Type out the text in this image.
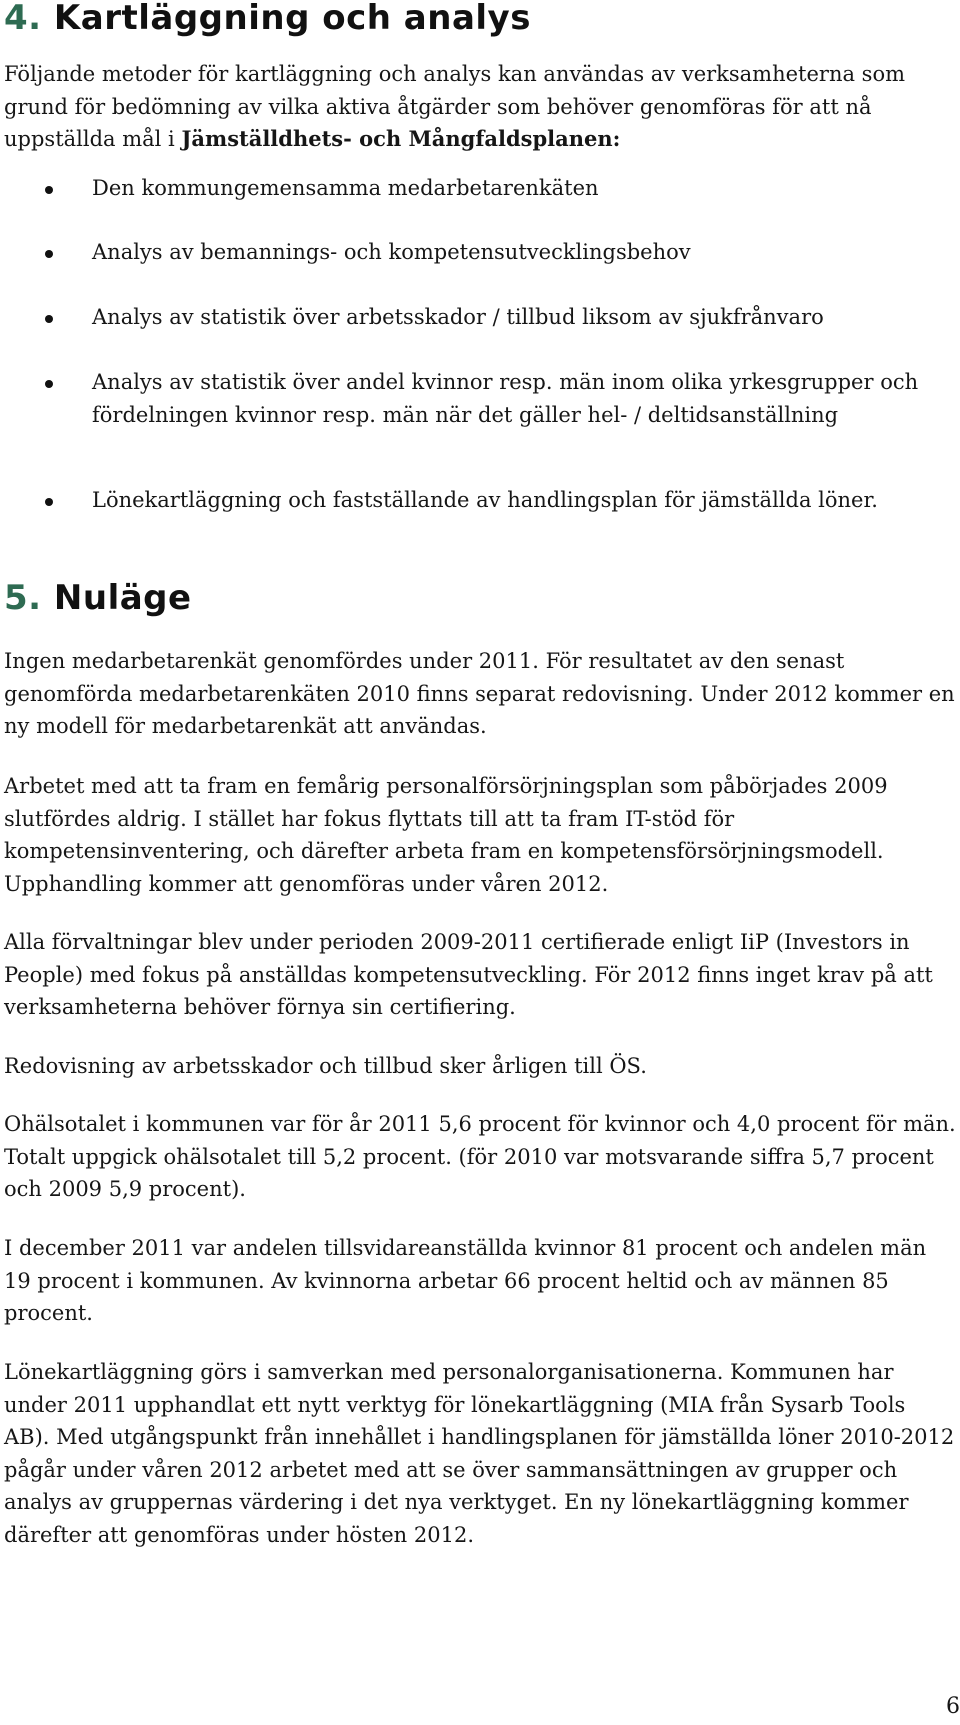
4. Kartläggning och analys

Följande metoder för kartläggning och analys kan användas av verksamheterna som grund för bedömning av vilka aktiva åtgärder som behöver genomföras för att nå uppställda mål i Jämställdhets- och Mångfaldsplanen:

Den kommungemensamma medarbetarenkäten
Analys av bemannings- och kompetensutvecklingsbehov
Analys av statistik över arbetsskador / tillbud liksom av sjukfrånvaro
Analys av statistik över andel kvinnor resp. män inom olika yrkesgrupper och fördelningen kvinnor resp. män när det gäller hel- / deltidsanställning
Lönekartläggning och fastställande av handlingsplan för jämställda löner.
5. Nuläge

Ingen medarbetarenkät genomfördes under 2011. För resultatet av den senast genomförda medarbetarenkäten 2010 finns separat redovisning. Under 2012 kommer en ny modell för medarbetarenkät att användas.

Arbetet med att ta fram en femårig personalförsörjningsplan som påbörjades 2009 slutfördes aldrig. I stället har fokus flyttats till att ta fram IT-stöd för kompetensinventering, och därefter arbeta fram en kompetensförsörjningsmodell. Upphandling kommer att genomföras under våren 2012.

Alla förvaltningar blev under perioden 2009-2011 certifierade enligt IiP (Investors in People) med fokus på anställdas kompetensutveckling. För 2012 finns inget krav på att verksamheterna behöver förnya sin certifiering.

Redovisning av arbetsskador och tillbud sker årligen till ÖS.

Ohälsotalet i kommunen var för år 2011 5,6 procent för kvinnor och 4,0 procent för män. Totalt uppgick ohälsotalet till 5,2 procent. (för 2010 var motsvarande siffra 5,7 procent och 2009 5,9 procent).

I december 2011 var andelen tillsvidareanställda kvinnor 81 procent och andelen män 19 procent i kommunen. Av kvinnorna arbetar 66 procent heltid och av männen 85 procent.

Lönekartläggning görs i samverkan med personalorganisationerna. Kommunen har under 2011 upphandlat ett nytt verktyg för lönekartläggning (MIA från Sysarb Tools AB). Med utgångspunkt från innehållet i handlingsplanen för jämställda löner 2010-2012 pågår under våren 2012 arbetet med att se över sammansättningen av grupper och analys av gruppernas värdering i det nya verktyget. En ny lönekartläggning kommer därefter att genomföras under hösten 2012.

6
